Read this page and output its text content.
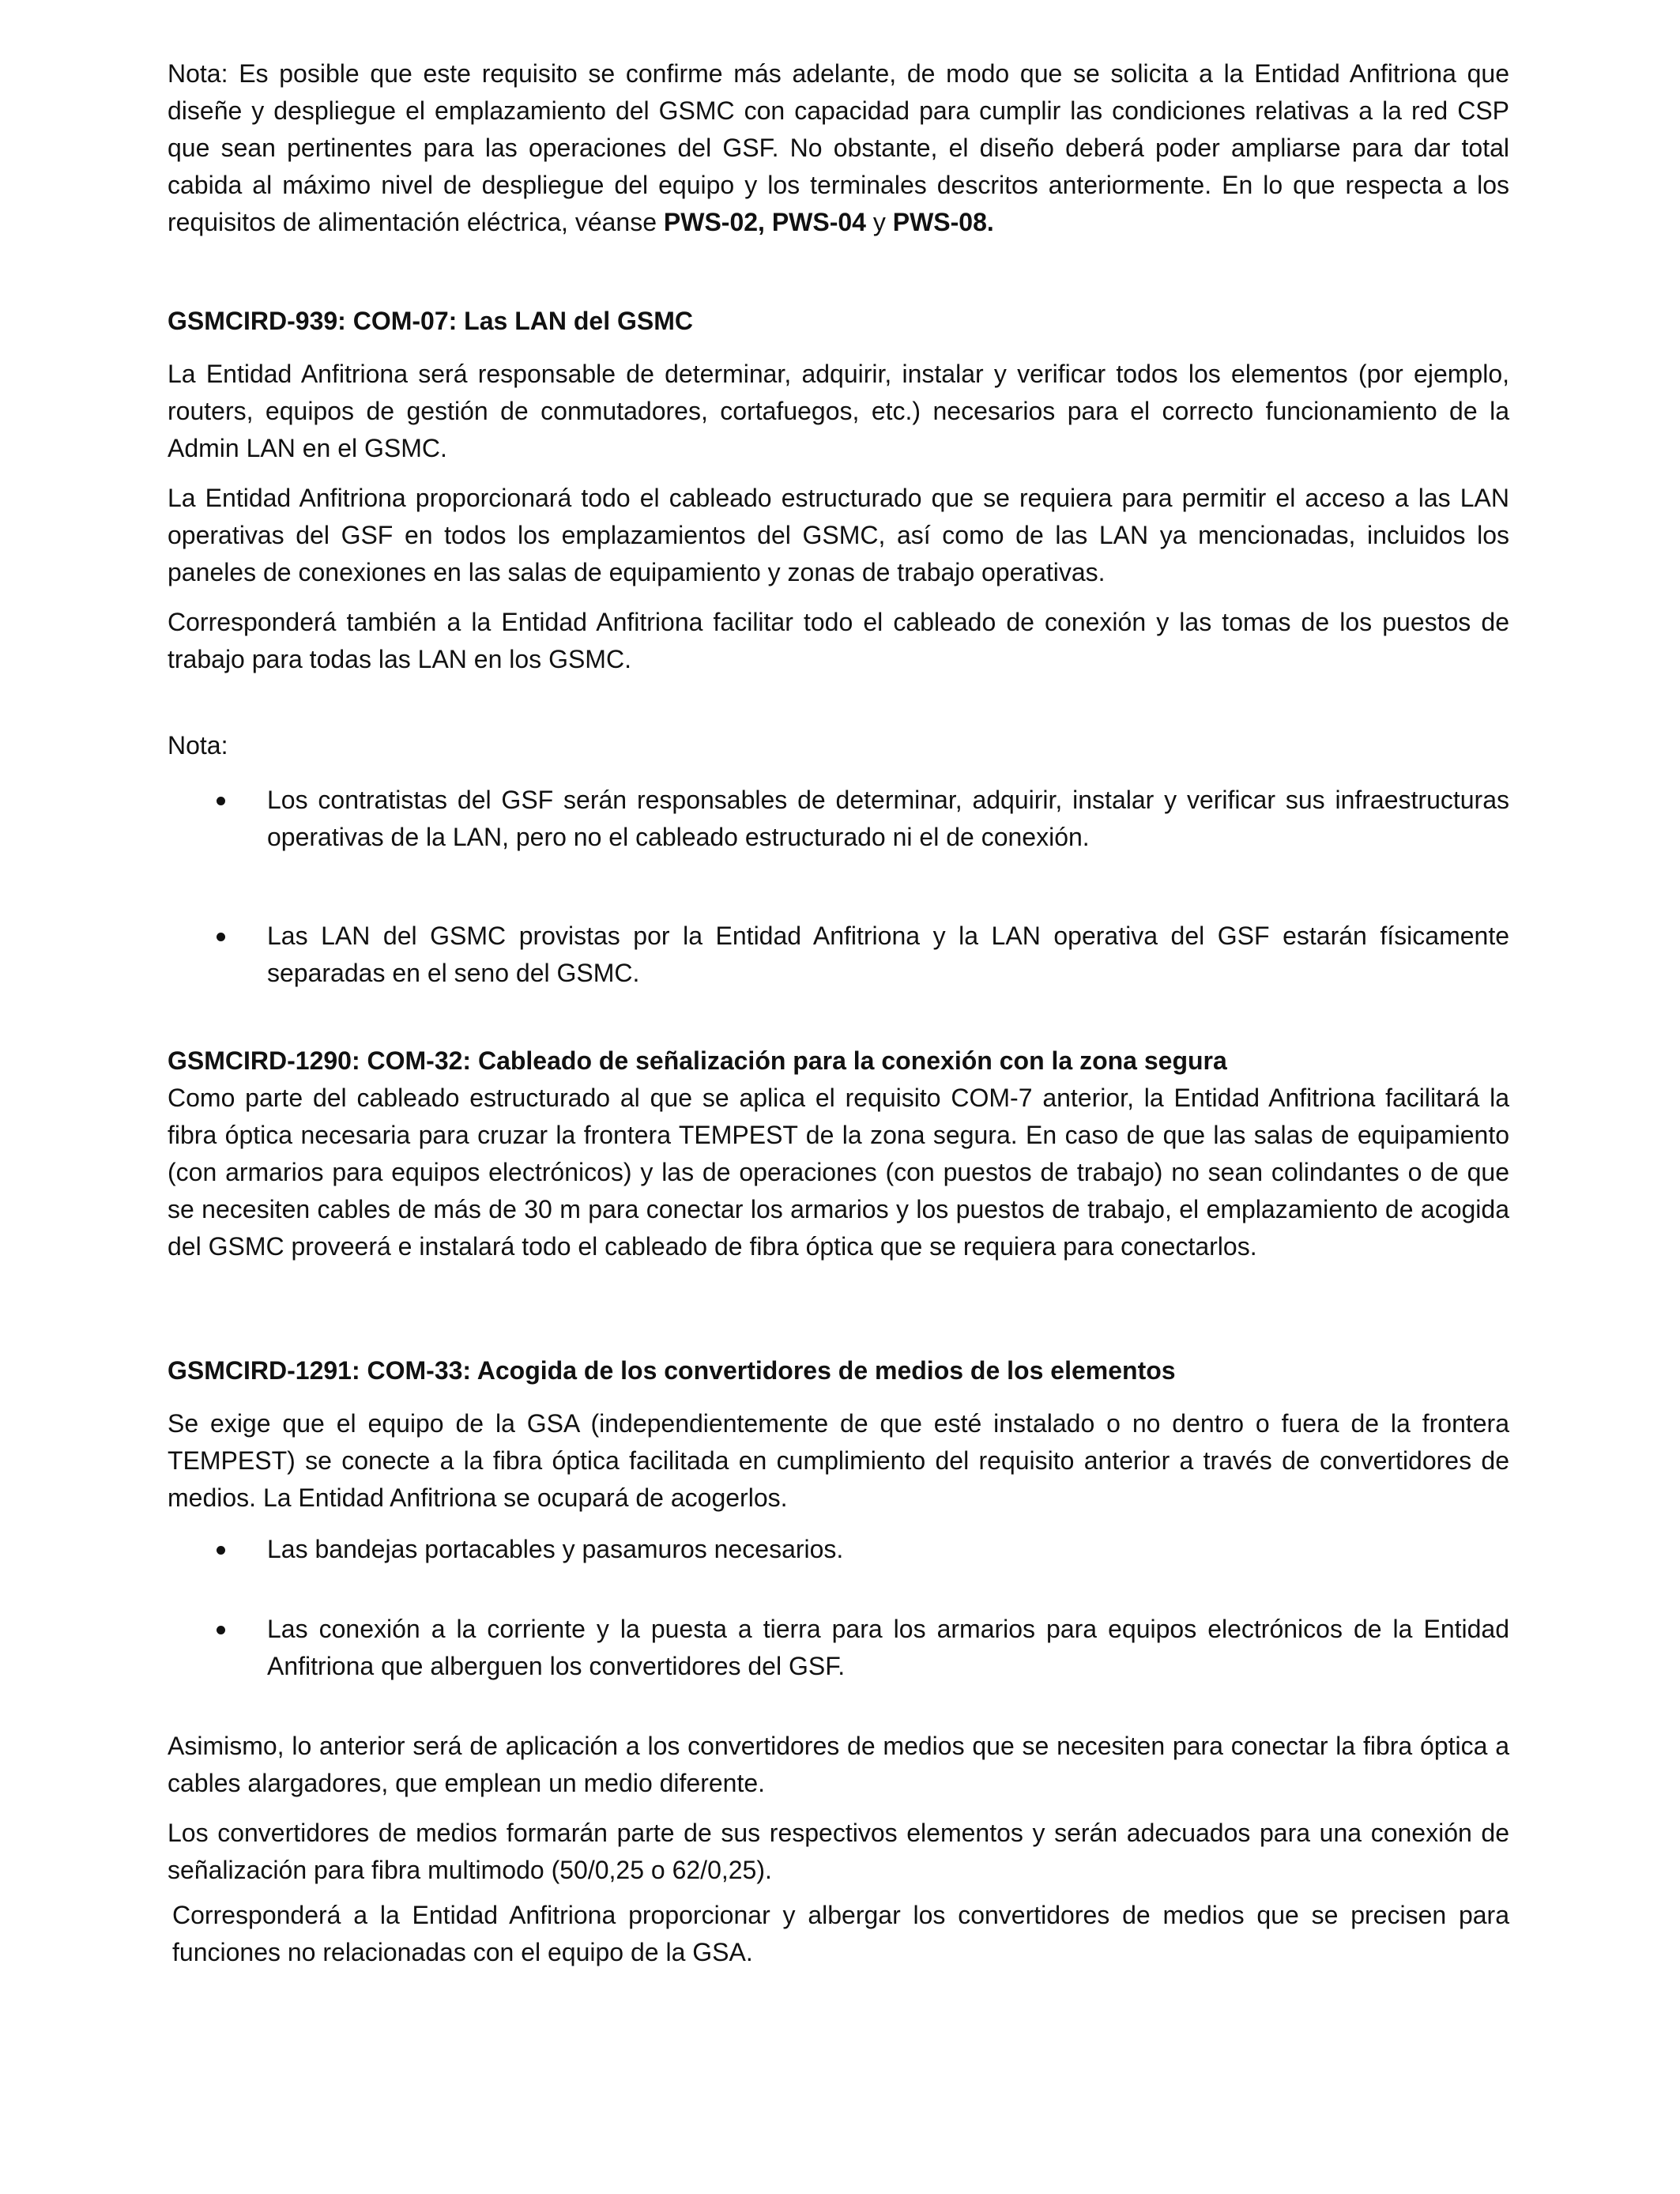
Nota: Es posible que este requisito se confirme más adelante, de modo que se solicita a la Entidad Anfitriona que diseñe y despliegue el emplazamiento del GSMC con capacidad para cumplir las condiciones relativas a la red CSP que sean pertinentes para las operaciones del GSF. No obstante, el diseño deberá poder ampliarse para dar total cabida al máximo nivel de despliegue del equipo y los terminales descritos anteriormente. En lo que respecta a los requisitos de alimentación eléctrica, véanse PWS-02, PWS-04 y PWS-08.

GSMCIRD-939: COM-07: Las LAN del GSMC

La Entidad Anfitriona será responsable de determinar, adquirir, instalar y verificar todos los elementos (por ejemplo, routers, equipos de gestión de conmutadores, cortafuegos, etc.) necesarios para el correcto funcionamiento de la Admin LAN en el GSMC.

La Entidad Anfitriona proporcionará todo el cableado estructurado que se requiera para permitir el acceso a las LAN operativas del GSF en todos los emplazamientos del GSMC, así como de las LAN ya mencionadas, incluidos los paneles de conexiones en las salas de equipamiento y zonas de trabajo operativas.

Corresponderá también a la Entidad Anfitriona facilitar todo el cableado de conexión y las tomas de los puestos de trabajo para todas las LAN en los GSMC.

Nota:

Los contratistas del GSF serán responsables de determinar, adquirir, instalar y verificar sus infraestructuras operativas de la LAN, pero no el cableado estructurado ni el de conexión.
Las LAN del GSMC provistas por la Entidad Anfitriona y la LAN operativa del GSF estarán físicamente separadas en el seno del GSMC.
GSMCIRD-1290: COM-32: Cableado de señalización para la conexión con la zona segura

Como parte del cableado estructurado al que se aplica el requisito COM-7 anterior, la Entidad Anfitriona facilitará la fibra óptica necesaria para cruzar la frontera TEMPEST de la zona segura. En caso de que las salas de equipamiento (con armarios para equipos electrónicos) y las de operaciones (con puestos de trabajo) no sean colindantes o de que se necesiten cables de más de 30 m para conectar los armarios y los puestos de trabajo, el emplazamiento de acogida del GSMC proveerá e instalará todo el cableado de fibra óptica que se requiera para conectarlos.

GSMCIRD-1291: COM-33: Acogida de los convertidores de medios de los elementos

Se exige que el equipo de la GSA (independientemente de que esté instalado o no dentro o fuera de la frontera TEMPEST) se conecte a la fibra óptica facilitada en cumplimiento del requisito anterior a través de convertidores de medios. La Entidad Anfitriona se ocupará de acogerlos.

Las bandejas portacables y pasamuros necesarios.
Las conexión a la corriente y la puesta a tierra para los armarios para equipos electrónicos de la Entidad Anfitriona que alberguen los convertidores del GSF.

Asimismo, lo anterior será de aplicación a los convertidores de medios que se necesiten para conectar la fibra óptica a cables alargadores, que emplean un medio diferente.

Los convertidores de medios formarán parte de sus respectivos elementos y serán adecuados para una conexión de señalización para fibra multimodo (50/0,25 o 62/0,25).

Corresponderá a la Entidad Anfitriona proporcionar y albergar los convertidores de medios que se precisen para funciones no relacionadas con el equipo de la GSA.
